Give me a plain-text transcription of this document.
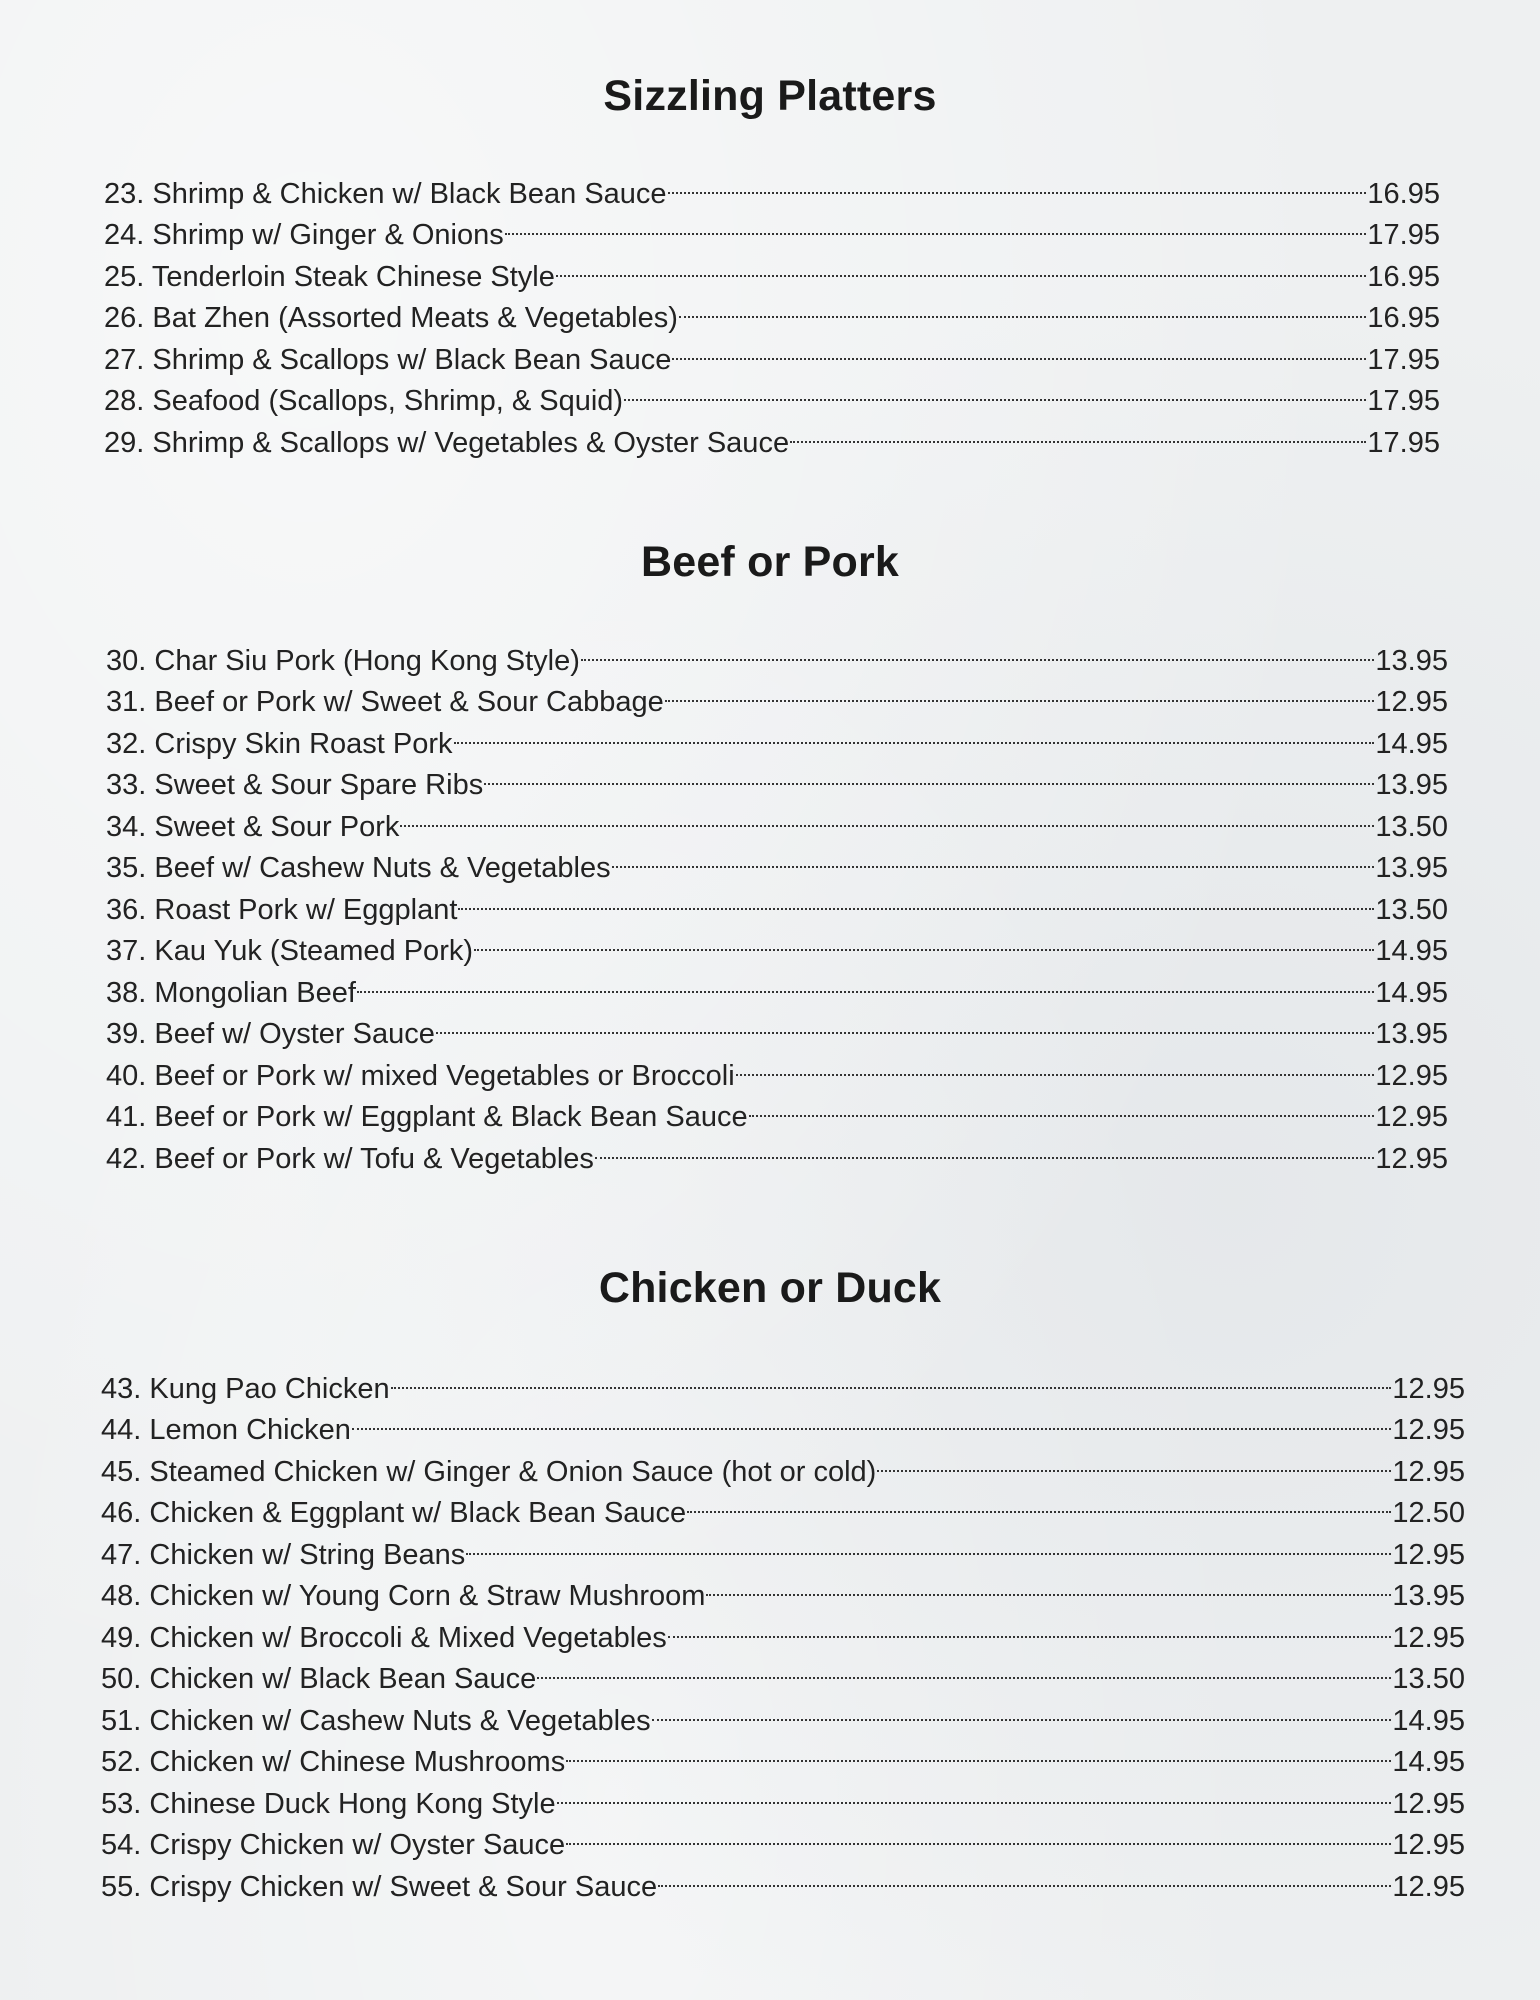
Sizzling Platters
23. Shrimp & Chicken w/ Black Bean Sauce	16.95
24. Shrimp w/ Ginger & Onions	17.95
25. Tenderloin Steak Chinese Style	16.95
26. Bat Zhen (Assorted Meats & Vegetables)	16.95
27. Shrimp & Scallops w/ Black Bean Sauce	17.95
28. Seafood (Scallops, Shrimp, & Squid)	17.95
29. Shrimp & Scallops w/ Vegetables & Oyster Sauce	17.95
Beef or Pork
30. Char Siu Pork (Hong Kong Style)	13.95
31. Beef or Pork w/ Sweet & Sour Cabbage	12.95
32. Crispy Skin Roast Pork	14.95
33. Sweet & Sour Spare Ribs	13.95
34. Sweet & Sour Pork	13.50
35. Beef w/ Cashew Nuts & Vegetables	13.95
36. Roast Pork w/ Eggplant	13.50
37. Kau Yuk (Steamed Pork)	14.95
38. Mongolian Beef	14.95
39. Beef w/ Oyster Sauce	13.95
40. Beef or Pork w/ mixed Vegetables or Broccoli	12.95
41. Beef or Pork w/ Eggplant & Black Bean Sauce	12.95
42. Beef or Pork w/ Tofu & Vegetables	12.95
Chicken or Duck
43. Kung Pao Chicken	12.95
44. Lemon Chicken	12.95
45. Steamed Chicken w/ Ginger & Onion Sauce (hot or cold)	12.95
46. Chicken & Eggplant w/ Black Bean Sauce	12.50
47. Chicken w/ String Beans	12.95
48. Chicken w/ Young Corn & Straw Mushroom	13.95
49. Chicken w/ Broccoli & Mixed Vegetables	12.95
50. Chicken w/ Black Bean Sauce	13.50
51. Chicken w/ Cashew Nuts & Vegetables	14.95
52. Chicken w/ Chinese Mushrooms	14.95
53. Chinese Duck Hong Kong Style	12.95
54. Crispy Chicken w/ Oyster Sauce	12.95
55. Crispy Chicken w/ Sweet & Sour Sauce	12.95
